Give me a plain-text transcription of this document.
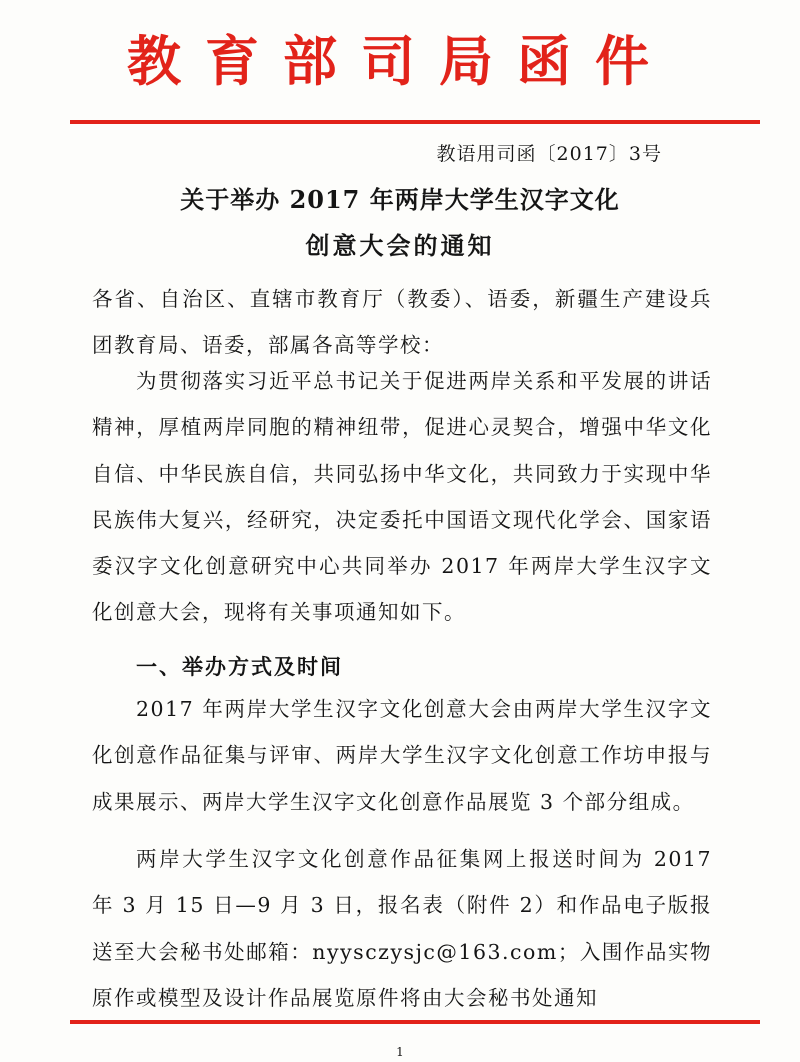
教育部司局函件
教语用司函〔2017〕3号
关于举办 2017 年两岸大学生汉字文化
创意大会的通知

各省、自治区、直辖市教育厅（教委）、语委，新疆生产建设兵团教育局、语委，部属各高等学校：

为贯彻落实习近平总书记关于促进两岸关系和平发展的讲话精神，厚植两岸同胞的精神纽带，促进心灵契合，增强中华文化自信、中华民族自信，共同弘扬中华文化，共同致力于实现中华民族伟大复兴，经研究，决定委托中国语文现代化学会、国家语委汉字文化创意研究中心共同举办 2017 年两岸大学生汉字文化创意大会，现将有关事项通知如下。

一、举办方式及时间

2017 年两岸大学生汉字文化创意大会由两岸大学生汉字文化创意作品征集与评审、两岸大学生汉字文化创意工作坊申报与成果展示、两岸大学生汉字文化创意作品展览 3 个部分组成。

两岸大学生汉字文化创意作品征集网上报送时间为 2017 年 3 月 15 日—9 月 3 日，报名表（附件 2）和作品电子版报送至大会秘书处邮箱：nyysczysjc@163.com；入围作品实物原作或模型及设计作品展览原件将由大会秘书处通知

1
